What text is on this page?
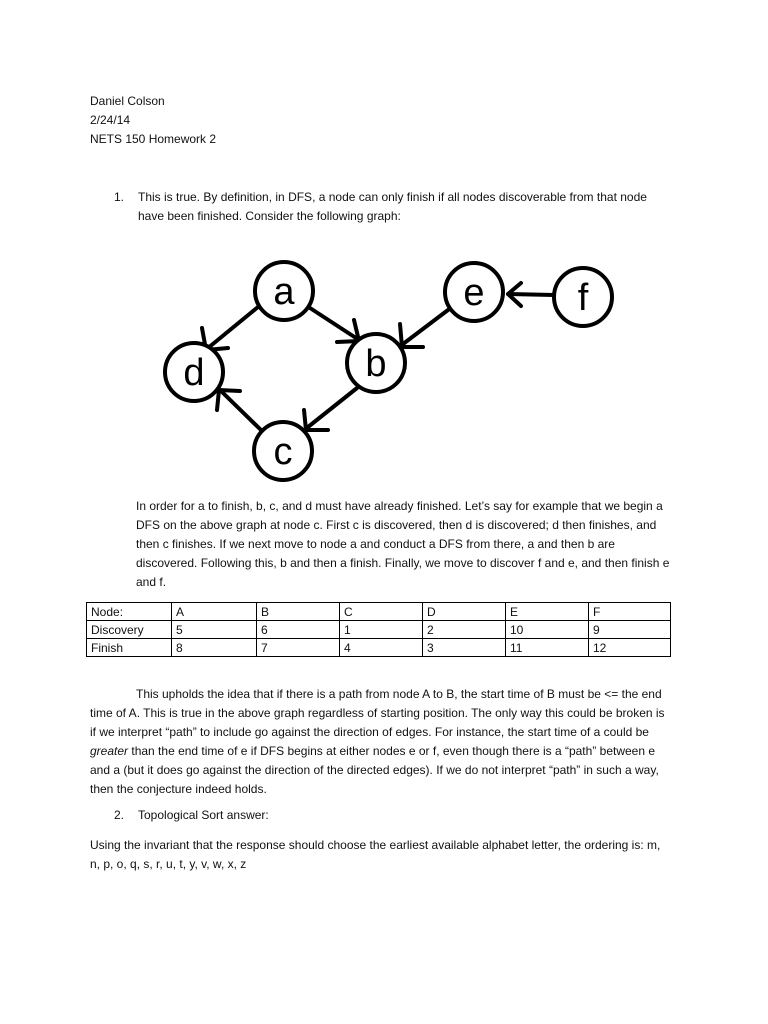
Daniel Colson
2/24/14
NETS 150 Homework 2
1. This is true. By definition, in DFS, a node can only finish if all nodes discoverable from that node have been finished. Consider the following graph:
a
b
c
d
e f
In order for a to finish, b, c, and d must have already finished. Let’s say for example that we begin a DFS on the above graph at node c. First c is discovered, then d is discovered; d then finishes, and then c finishes. If we next move to node a and conduct a DFS from there, a and then b are discovered. Following this, b and then a finish. Finally, we move to discover f and e, and then finish e and f.
Node:	A	B	C	D	E	F
Discovery	5	6	1	2	10	9
Finish	8	7	4	3	11	12
This upholds the idea that if there is a path from node A to B, the start time of B must be <= the end time of A. This is true in the above graph regardless of starting position. The only way this could be broken is if we interpret “path” to include go against the direction of edges. For instance, the start time of a could be greater than the end time of e if DFS begins at either nodes e or f, even though there is a “path” between e and a (but it does go against the direction of the directed edges). If we do not interpret “path” in such a way, then the conjecture indeed holds.
2. Topological Sort answer:
Using the invariant that the response should choose the earliest available alphabet letter, the ordering is: m, n, p, o, q, s, r, u, t, y, v, w, x, z
